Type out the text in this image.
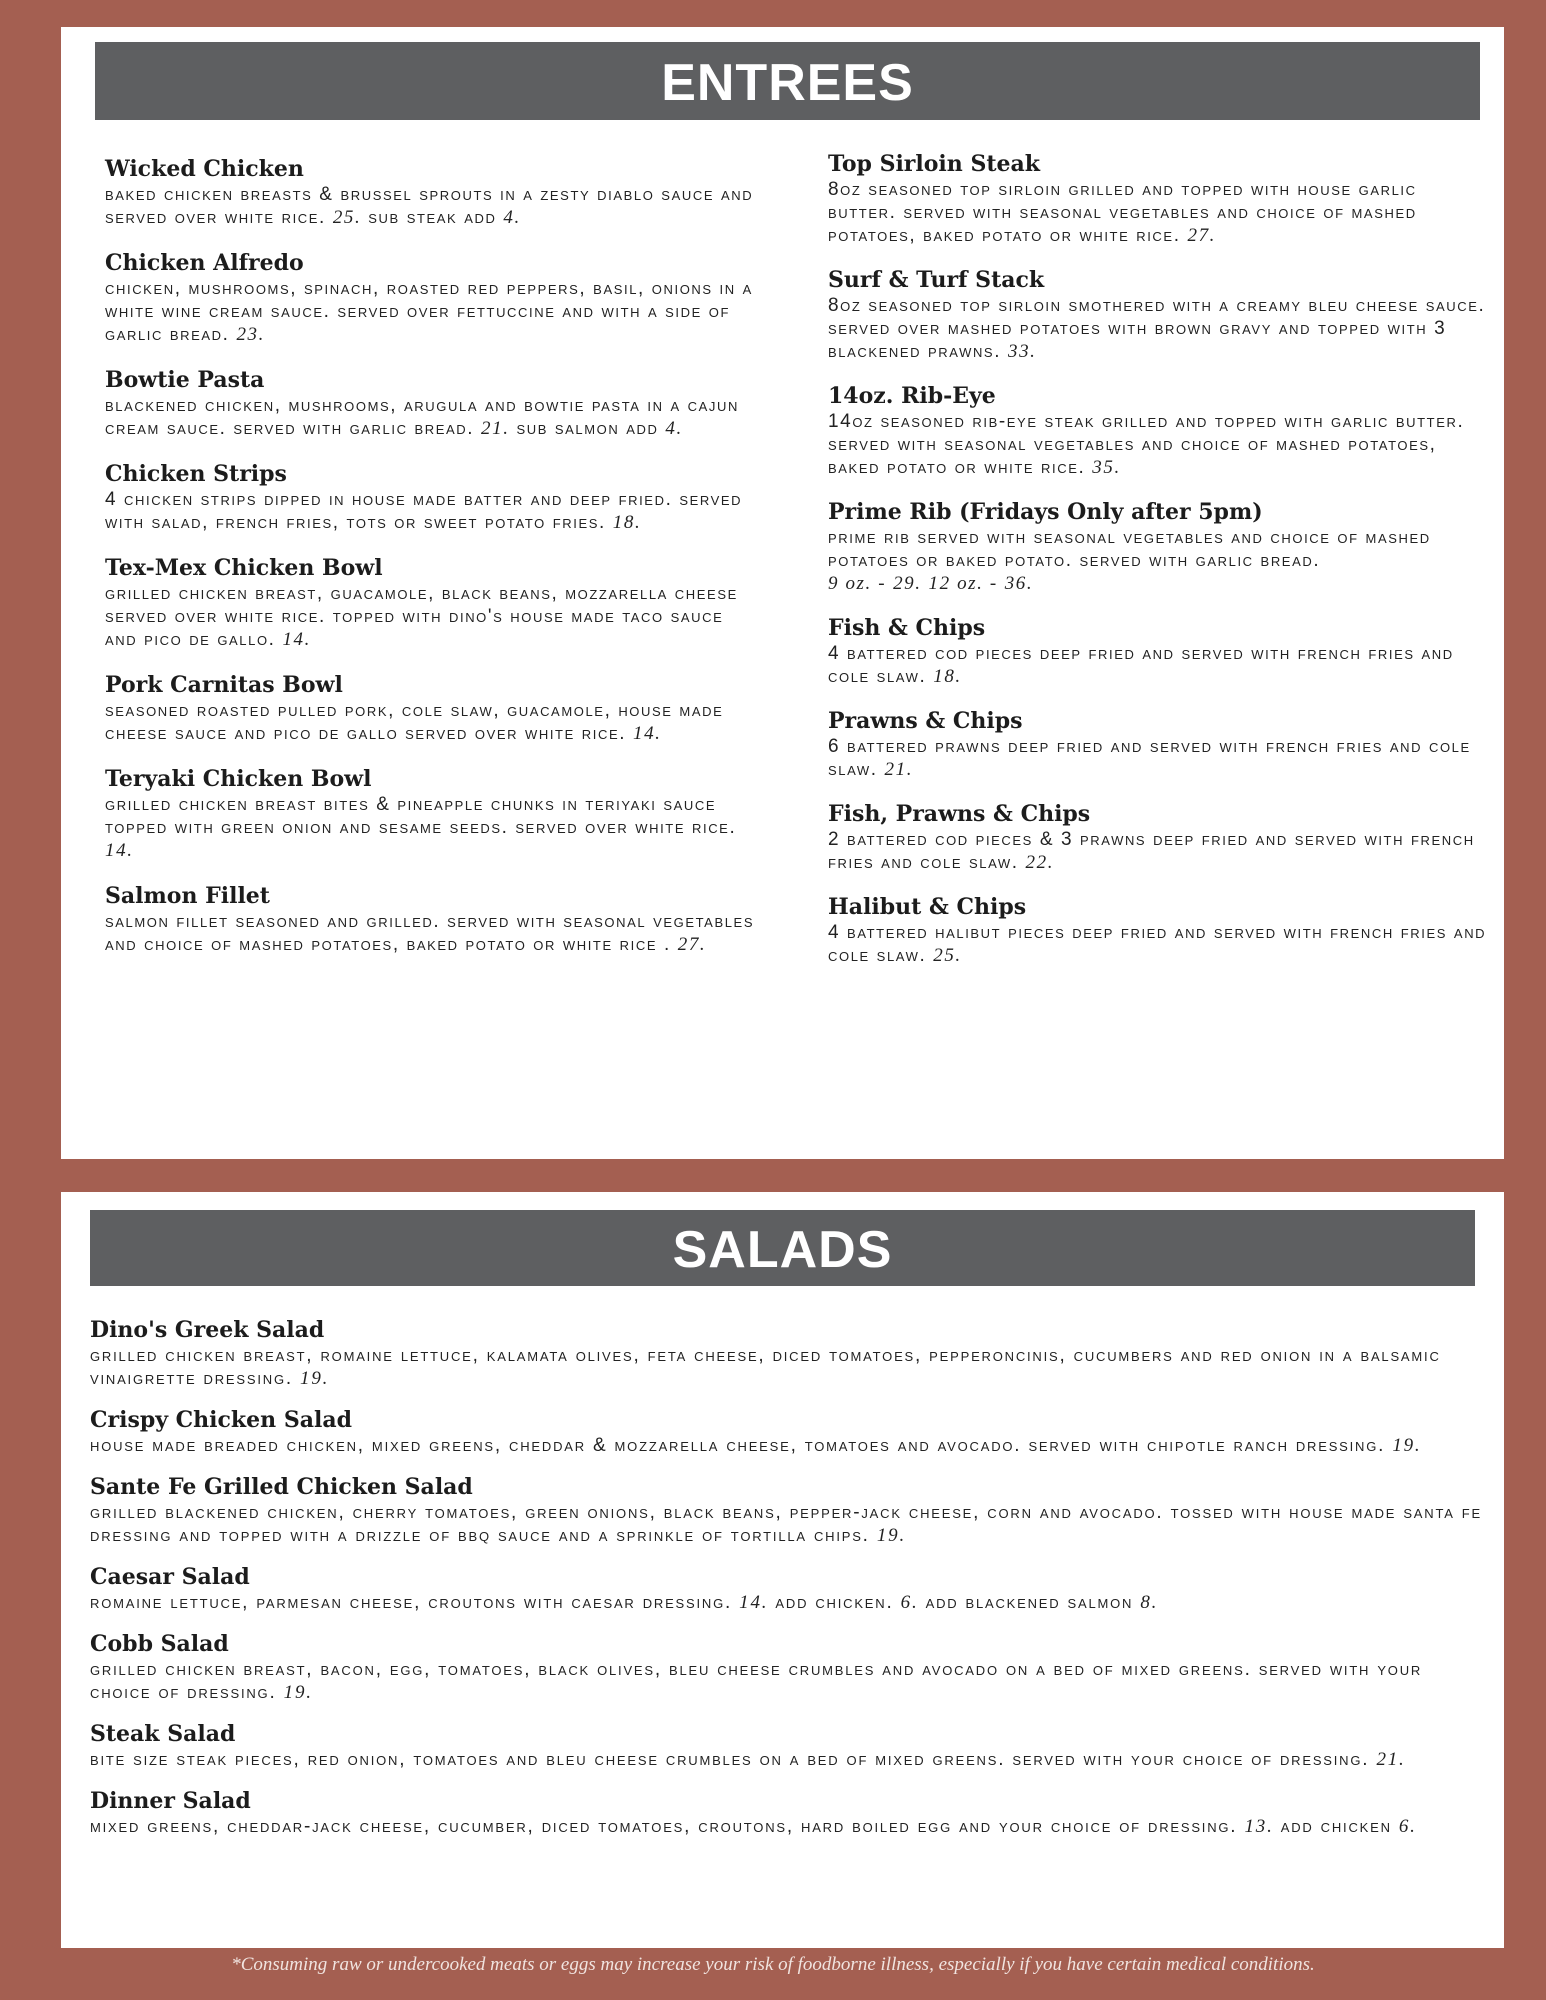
ENTREES
Wicked Chicken
baked chicken breasts & brussel sprouts in a zesty diablo sauce and served over white rice. 25. sub steak add 4.
Chicken Alfredo
chicken, mushrooms, spinach, roasted red peppers, basil, onions in a white wine cream sauce. served over fettuccine and with a side of garlic bread. 23.
Bowtie Pasta
blackened chicken, mushrooms, arugula and bowtie pasta in a cajun cream sauce. served with garlic bread. 21. sub salmon add 4.
Chicken Strips
4 chicken strips dipped in house made batter and deep fried. served with salad, french fries, tots or sweet potato fries. 18.
Tex-Mex Chicken Bowl
grilled chicken breast, guacamole, black beans, mozzarella cheese served over white rice. topped with dino's house made taco sauce and pico de gallo. 14.
Pork Carnitas Bowl
seasoned roasted pulled pork, cole slaw, guacamole, house made cheese sauce and pico de gallo served over white rice. 14.
Teryaki Chicken Bowl
grilled chicken breast bites & pineapple chunks in teriyaki sauce topped with green onion and sesame seeds. served over white rice. 14.
Salmon Fillet
salmon fillet seasoned and grilled. served with seasonal vegetables and choice of mashed potatoes, baked potato or white rice . 27.
Top Sirloin Steak
8oz seasoned top sirloin grilled and topped with house garlic butter. served with seasonal vegetables and choice of mashed potatoes, baked potato or white rice. 27.
Surf & Turf Stack
8oz seasoned top sirloin smothered with a creamy bleu cheese sauce. served over mashed potatoes with brown gravy and topped with 3 blackened prawns. 33.
14oz. Rib-Eye
14oz seasoned rib-eye steak grilled and topped with garlic butter. served with seasonal vegetables and choice of mashed potatoes, baked potato or white rice. 35.
Prime Rib (Fridays Only after 5pm)
prime rib served with seasonal vegetables and choice of mashed potatoes or baked potato. served with garlic bread.
9 oz. - 29. 12 oz. - 36.
Fish & Chips
4 battered cod pieces deep fried and served with french fries and cole slaw. 18.
Prawns & Chips
6 battered prawns deep fried and served with french fries and cole slaw. 21.
Fish, Prawns & Chips
2 battered cod pieces & 3 prawns deep fried and served with french fries and cole slaw. 22.
Halibut & Chips
4 battered halibut pieces deep fried and served with french fries and cole slaw. 25.
SALADS
Dino's Greek Salad
grilled chicken breast, romaine lettuce, kalamata olives, feta cheese, diced tomatoes, pepperoncinis, cucumbers and red onion in a balsamic vinaigrette dressing. 19.
Crispy Chicken Salad
house made breaded chicken, mixed greens, cheddar & mozzarella cheese, tomatoes and avocado. served with chipotle ranch dressing. 19.
Sante Fe Grilled Chicken Salad
grilled blackened chicken, cherry tomatoes, green onions, black beans, pepper-jack cheese, corn and avocado. tossed with house made santa fe dressing and topped with a drizzle of bbq sauce and a sprinkle of tortilla chips. 19.
Caesar Salad
romaine lettuce, parmesan cheese, croutons with caesar dressing. 14. add chicken. 6. add blackened salmon 8.
Cobb Salad
grilled chicken breast, bacon, egg, tomatoes, black olives, bleu cheese crumbles and avocado on a bed of mixed greens. served with your choice of dressing. 19.
Steak Salad
bite size steak pieces, red onion, tomatoes and bleu cheese crumbles on a bed of mixed greens. served with your choice of dressing. 21.
Dinner Salad
mixed greens, cheddar-jack cheese, cucumber, diced tomatoes, croutons, hard boiled egg and your choice of dressing. 13. add chicken 6.
*Consuming raw or undercooked meats or eggs may increase your risk of foodborne illness, especially if you have certain medical conditions.
